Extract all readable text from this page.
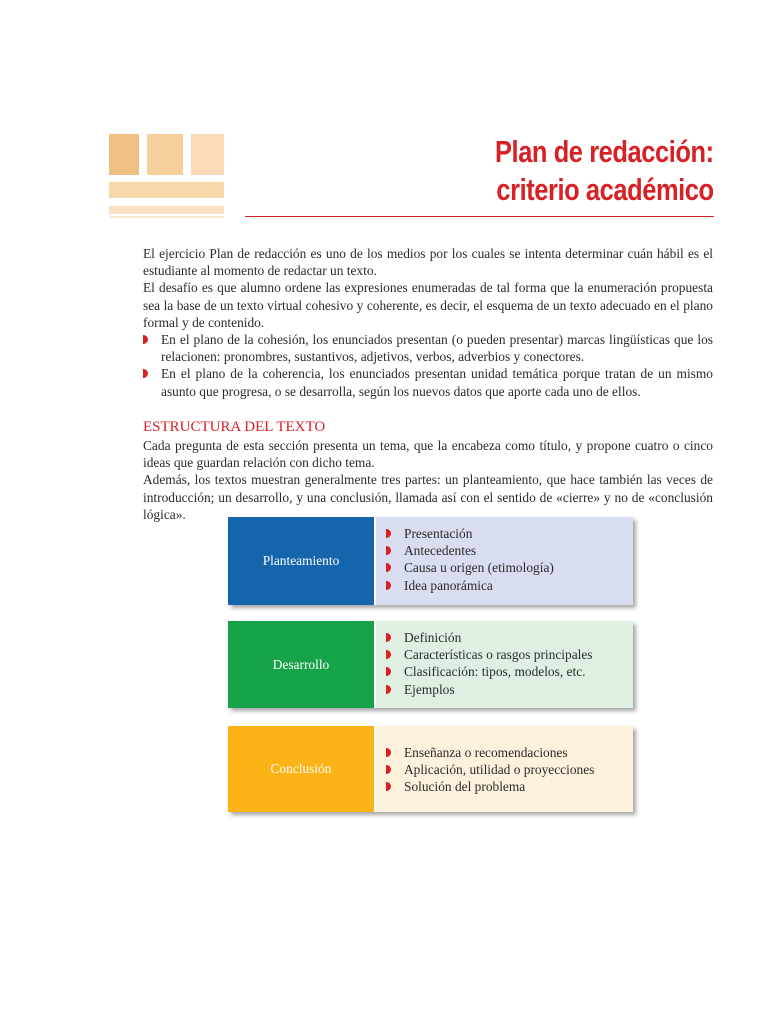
Plan de redacción:
criterio académico

El ejercicio Plan de redacción es uno de los medios por los cuales se intenta determinar cuán hábil es el estudiante al momento de redactar un texto.

El desafío es que alumno ordene las expresiones enumeradas de tal forma que la enumeración propuesta sea la base de un texto virtual cohesivo y coherente, es decir, el esquema de un texto adecuado en el plano formal y de contenido.

En el plano de la cohesión, los enunciados presentan (o pueden presentar) marcas lingüísticas que los relacionen: pronombres, sustantivos, adjetivos, verbos, adverbios y conectores.
En el plano de la coherencia, los enunciados presentan unidad temática porque tratan de un mismo asunto que progresa, o se desarrolla, según los nuevos datos que aporte cada uno de ellos.
ESTRUCTURA DEL TEXTO

Cada pregunta de esta sección presenta un tema, que la encabeza como título, y propone cuatro o cinco ideas que guardan relación con dicho tema.

Además, los textos muestran generalmente tres partes: un planteamiento, que hace también las veces de introducción; un desarrollo, y una conclusión, llamada así con el sentido de «cierre» y no de «conclusión lógica».

Planteamiento
Presentación
Antecedentes
Causa u origen (etimología)
Idea panorámica
Desarrollo
Definición
Características o rasgos principales
Clasificación: tipos, modelos, etc.
Ejemplos
Conclusión
Enseñanza o recomendaciones
Aplicación, utilidad o proyecciones
Solución del problema
